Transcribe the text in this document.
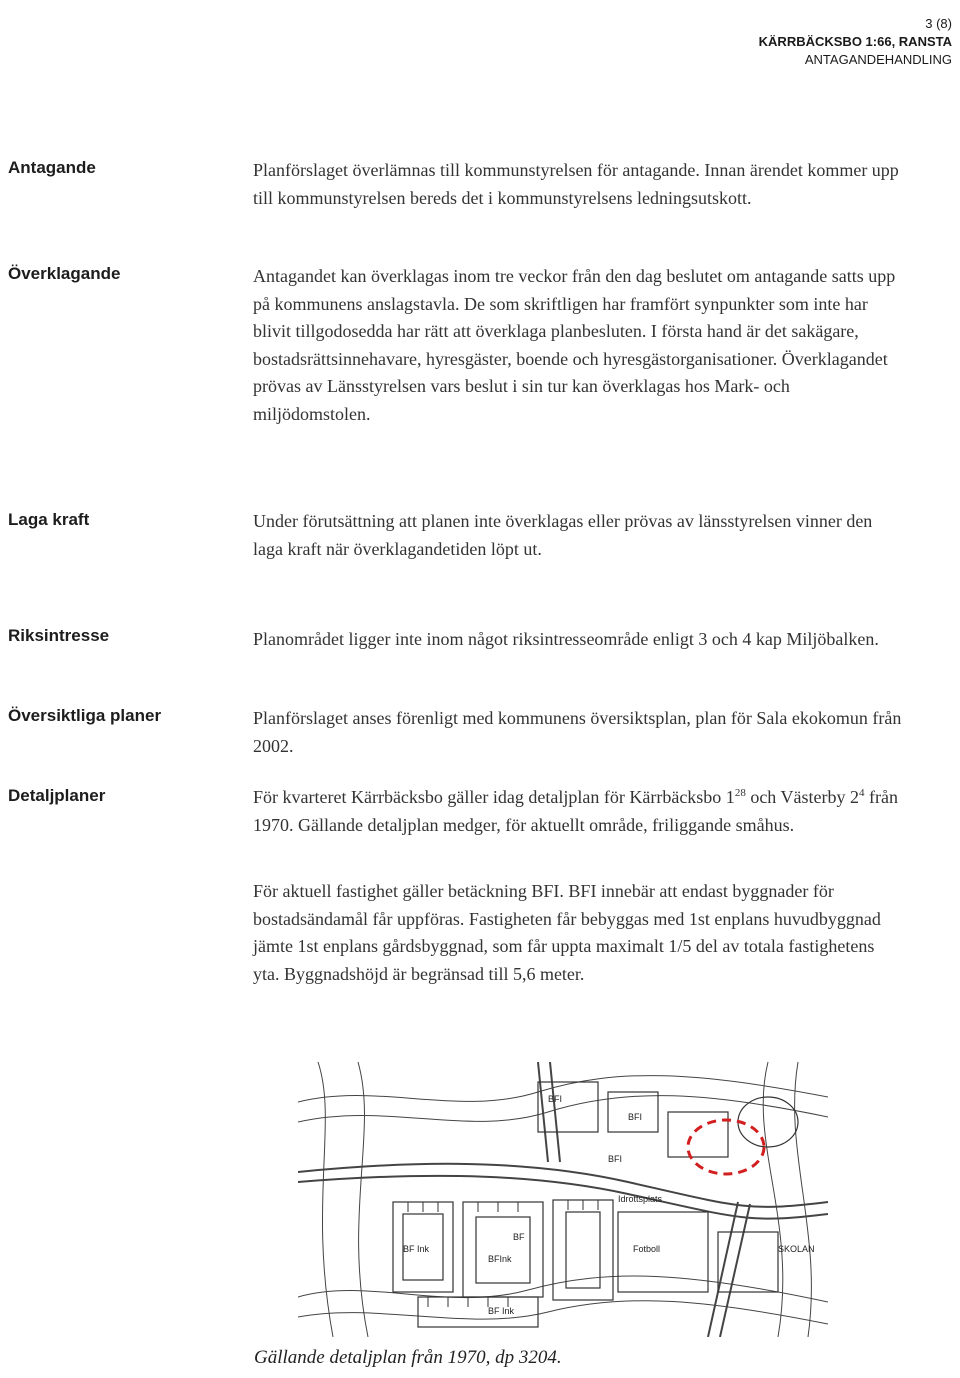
3 (8)
KÄRRBÄCKSBO 1:66, RANSTA
ANTAGANDEHANDLING
Antagande	Planförslaget överlämnas till kommunstyrelsen för antagande. Innan ärendet kommer upp till kommunstyrelsen bereds det i kommunstyrelsens ledningsutskott.
Överklagande	Antagandet kan överklagas inom tre veckor från den dag beslutet om antagande satts upp på kommunens anslagstavla. De som skriftligen har framfört synpunkter som inte har blivit tillgodosedda har rätt att överklaga planbesluten. I första hand är det sakägare, bostadsrättsinnehavare, hyresgäster, boende och hyresgästorganisationer. Överklagandet prövas av Länsstyrelsen vars beslut i sin tur kan överklagas hos Mark- och miljödomstolen.
Laga kraft	Under förutsättning att planen inte överklagas eller prövas av länsstyrelsen vinner den laga kraft när överklagandetiden löpt ut.
Riksintresse	Planområdet ligger inte inom något riksintresseområde enligt 3 och 4 kap Miljöbalken.
Översiktliga planer	Planförslaget anses förenligt med kommunens översiktsplan, plan för Sala ekokomun från 2002.
Detaljplaner	För kvarteret Kärrbäcksbo gäller idag detaljplan för Kärrbäcksbo $1^{28}$ och Västerby $2^4$ från 1970. Gällande detaljplan medger, för aktuellt område, friliggande småhus.
För aktuell fastighet gäller betäckning BFI. BFI innebär att endast byggnader för bostadsändamål får uppföras. Fastigheten får bebyggas med 1st enplans huvudbyggnad jämte 1st enplans gårdsbyggnad, som får uppta maximalt 1/5 del av totala fastighetens yta. Byggnadshöjd är begränsad till 5,6 meter.
BFI
BF
BFI
BFI
BF Ink
BFInk
BF Ink
SKOLAN
Idrottsplats
Fotboll
Gällande detaljplan från 1970, dp 3204.
